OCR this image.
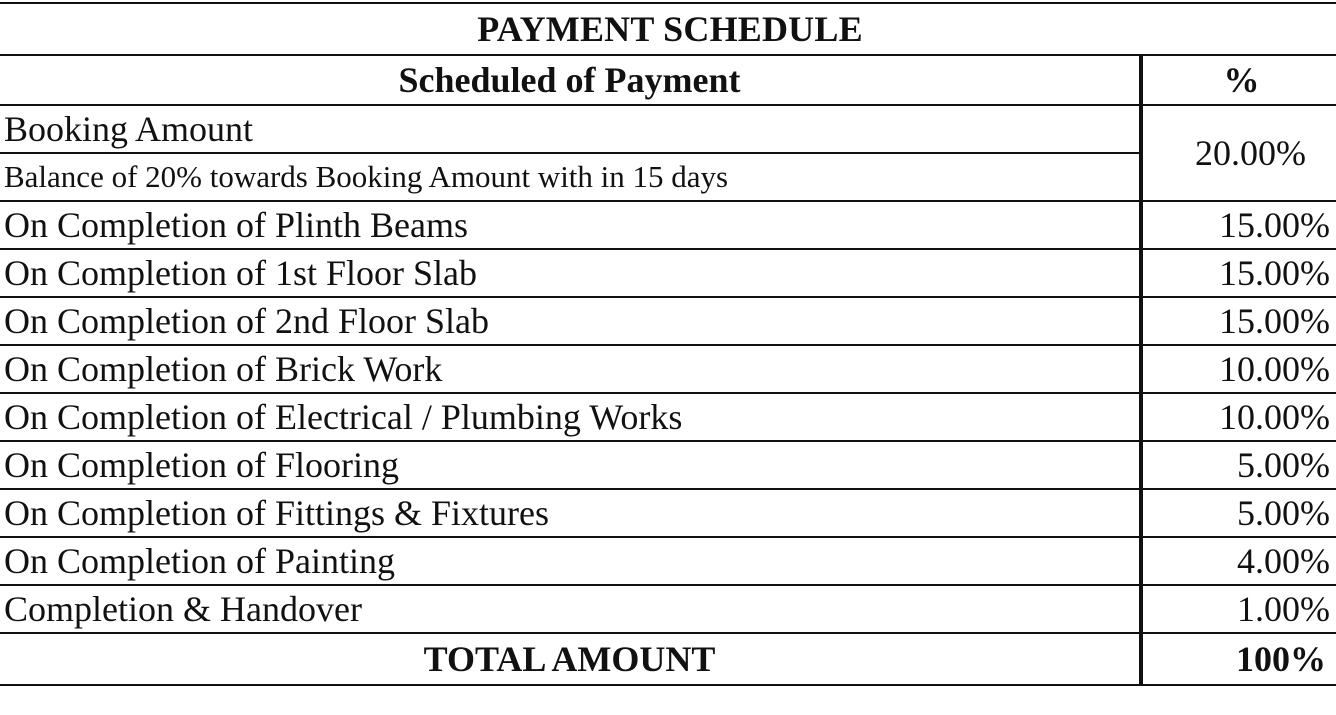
PAYMENT SCHEDULE	
Scheduled of Payment	%
Booking Amount	20.00%
Balance of 20% towards Booking Amount with in 15 days	
On Completion of Plinth Beams	15.00%
On Completion of 1st Floor Slab	15.00%
On Completion of 2nd Floor Slab	15.00%
On Completion of Brick Work	10.00%
On Completion of Electrical / Plumbing Works	10.00%
On Completion of Flooring	5.00%
On Completion of Fittings & Fixtures	5.00%
On Completion of Painting	4.00%
Completion & Handover	1.00%
TOTAL AMOUNT	100%
